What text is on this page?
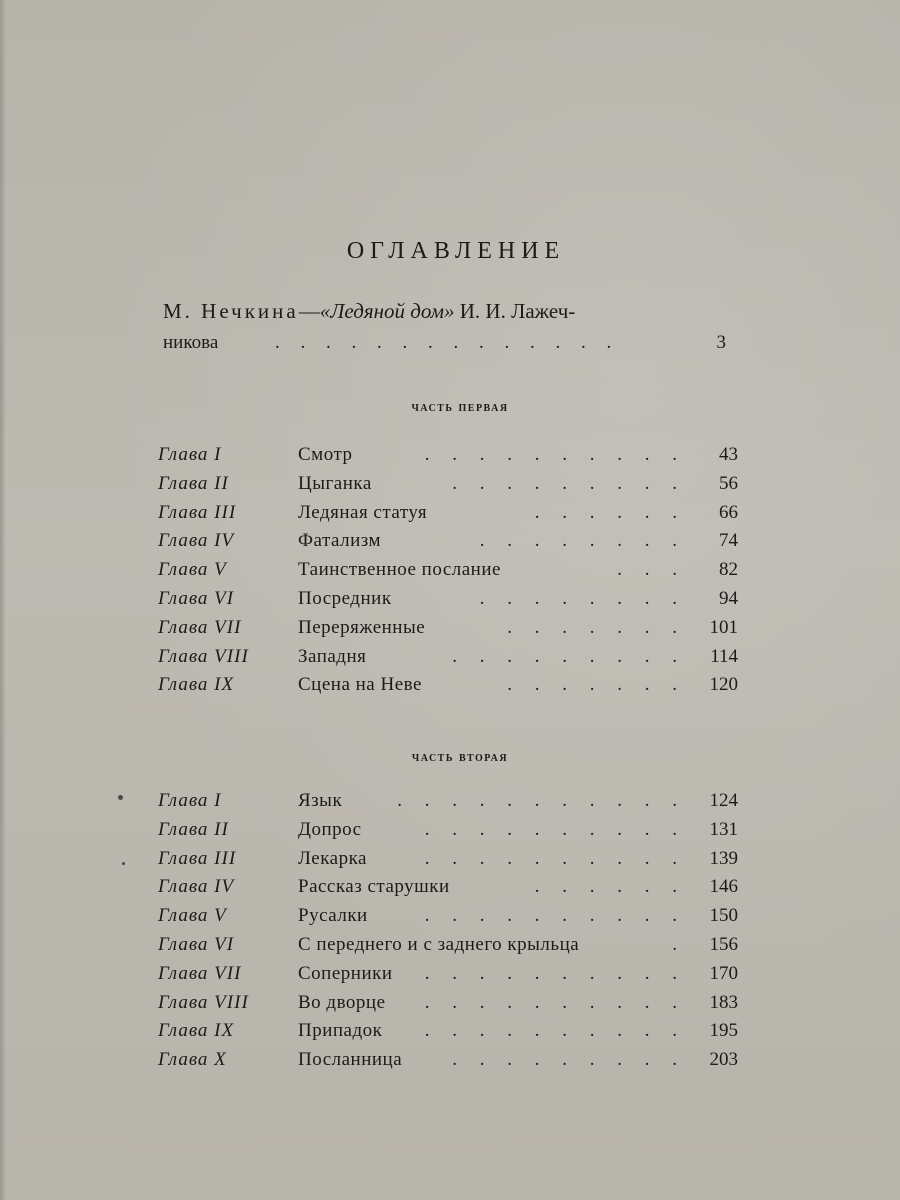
ОГЛАВЛЕНИЕ
М. Нечкина—«Ледяной дом» И. И. Лажеч-
никова	. . . . . . . . . . . . . .	3
часть первая
Глава I	Смотр	. . . . . . . . . .	43
Глава II	Цыганка	. . . . . . . . .	56
Глава III	Ледяная статуя	. . . . . .	66
Глава IV	Фатализм	. . . . . . . .	74
Глава V	Таинственное послание	. . .	82
Глава VI	Посредник	. . . . . . . .	94
Глава VII	Переряженные	. . . . . . .	101
Глава VIII	Западня	. . . . . . . . .	114
Глава IX	Сцена на Неве	. . . . . . .	120
часть вторая
Глава I	Язык	. . . . . . . . . . .	124
Глава II	Допрос	. . . . . . . . . .	131
Глава III	Лекарка	. . . . . . . . . .	139
Глава IV	Рассказ старушки	. . . . . .	146
Глава V	Русалки	. . . . . . . . . .	150
Глава VI	С переднего и с заднего крыльца	.	156
Глава VII	Соперники	. . . . . . . . . .	170
Глава VIII	Во дворце	. . . . . . . . . .	183
Глава IX	Припадок	. . . . . . . . . .	195
Глава X	Посланница	. . . . . . . . .	203
